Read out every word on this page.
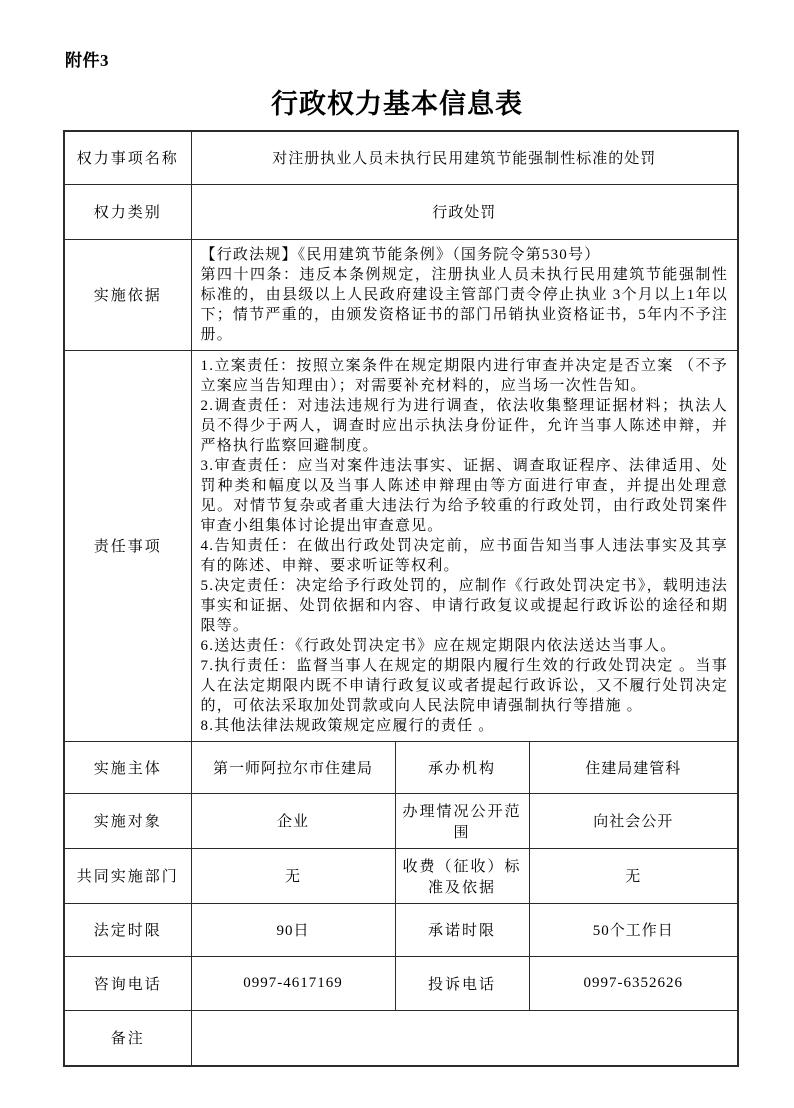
附件3
行政权力基本信息表
权力事项名称	对注册执业人员未执行民用建筑节能强制性标准的处罚		
权力类别	行政处罚		
实施依据	【行政法规】《民用建筑节能条例》（国务院令第530号）
第四十四条：违反本条例规定，注册执业人员未执行民用建筑节能强制性标准的，由县级以上人民政府建设主管部门责令停止执业 3个月以上1年以下；情节严重的，由颁发资格证书的部门吊销执业资格证书，5年内不予注册。		

责任事项	
1.立案责任：按照立案条件在规定期限内进行审查并决定是否立案 （不予立案应当告知理由）；对需要补充材料的，应当场一次性告知。
2.调查责任：对违法违规行为进行调查，依法收集整理证据材料；执法人员不得少于两人，调查时应出示执法身份证件，允许当事人陈述申辩，并严格执行监察回避制度。
3.审查责任：应当对案件违法事实、证据、调查取证程序、法律适用、处罚种类和幅度以及当事人陈述申辩理由等方面进行审查，并提出处理意见。对情节复杂或者重大违法行为给予较重的行政处罚，由行政处罚案件审查小组集体讨论提出审查意见。
4.告知责任：在做出行政处罚决定前，应书面告知当事人违法事实及其享有的陈述、申辩、要求听证等权利。
5.决定责任：决定给予行政处罚的，应制作《行政处罚决定书》，载明违法事实和证据、处罚依据和内容、申请行政复议或提起行政诉讼的途径和期限等。
6.送达责任：《行政处罚决定书》应在规定期限内依法送达当事人。
7.执行责任：监督当事人在规定的期限内履行生效的行政处罚决定 。当事人在法定期限内既不申请行政复议或者提起行政诉讼，又不履行处罚决定的，可依法采取加处罚款或向人民法院申请强制执行等措施 。
8.其他法律法规政策规定应履行的责任 。

实施主体	第一师阿拉尔市住建局	承办机构	住建局建管科
实施对象	企业	办理情况公开范围	向社会公开
共同实施部门	无	收费（征收）标准及依据	无
法定时限	90日	承诺时限	50个工作日
咨询电话	0997-4617169	投诉电话	0997-6352626
备注			
